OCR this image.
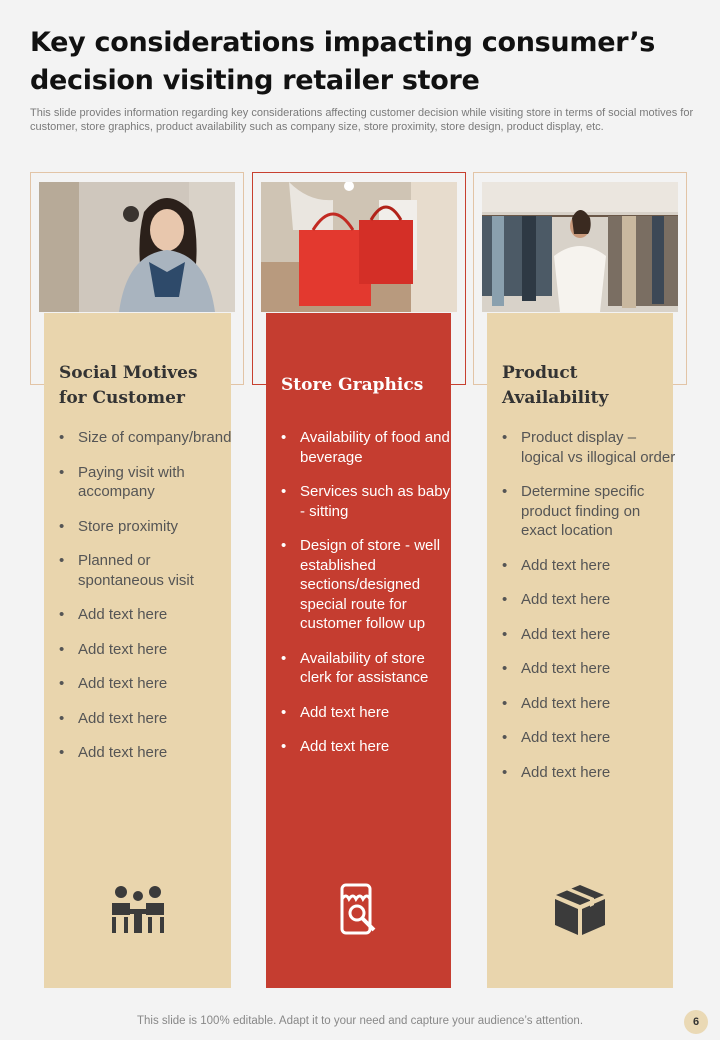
Key considerations impacting consumer’s decision visiting retailer store
This slide provides information regarding key considerations affecting customer decision while visiting store in terms of social motives for customer, store graphics, product availability such as company size, store proximity, store design, product display, etc.
Social Motives for Customer
• Size of company/brand
• Paying visit with accompany
• Store proximity
• Planned or spontaneous visit
• Add text here
• Add text here
• Add text here
• Add text here
• Add text here
Store Graphics
• Availability of food and beverage
• Services such as baby - sitting
• Design of store - well established sections/designed special route for customer follow up
• Availability of store clerk for assistance
• Add text here
• Add text here
Product Availability
• Product display – logical vs illogical order
• Determine specific product finding on exact location
• Add text here
• Add text here
• Add text here
• Add text here
• Add text here
• Add text here
• Add text here
This slide is 100% editable. Adapt it to your need and capture your audience’s attention.	6
